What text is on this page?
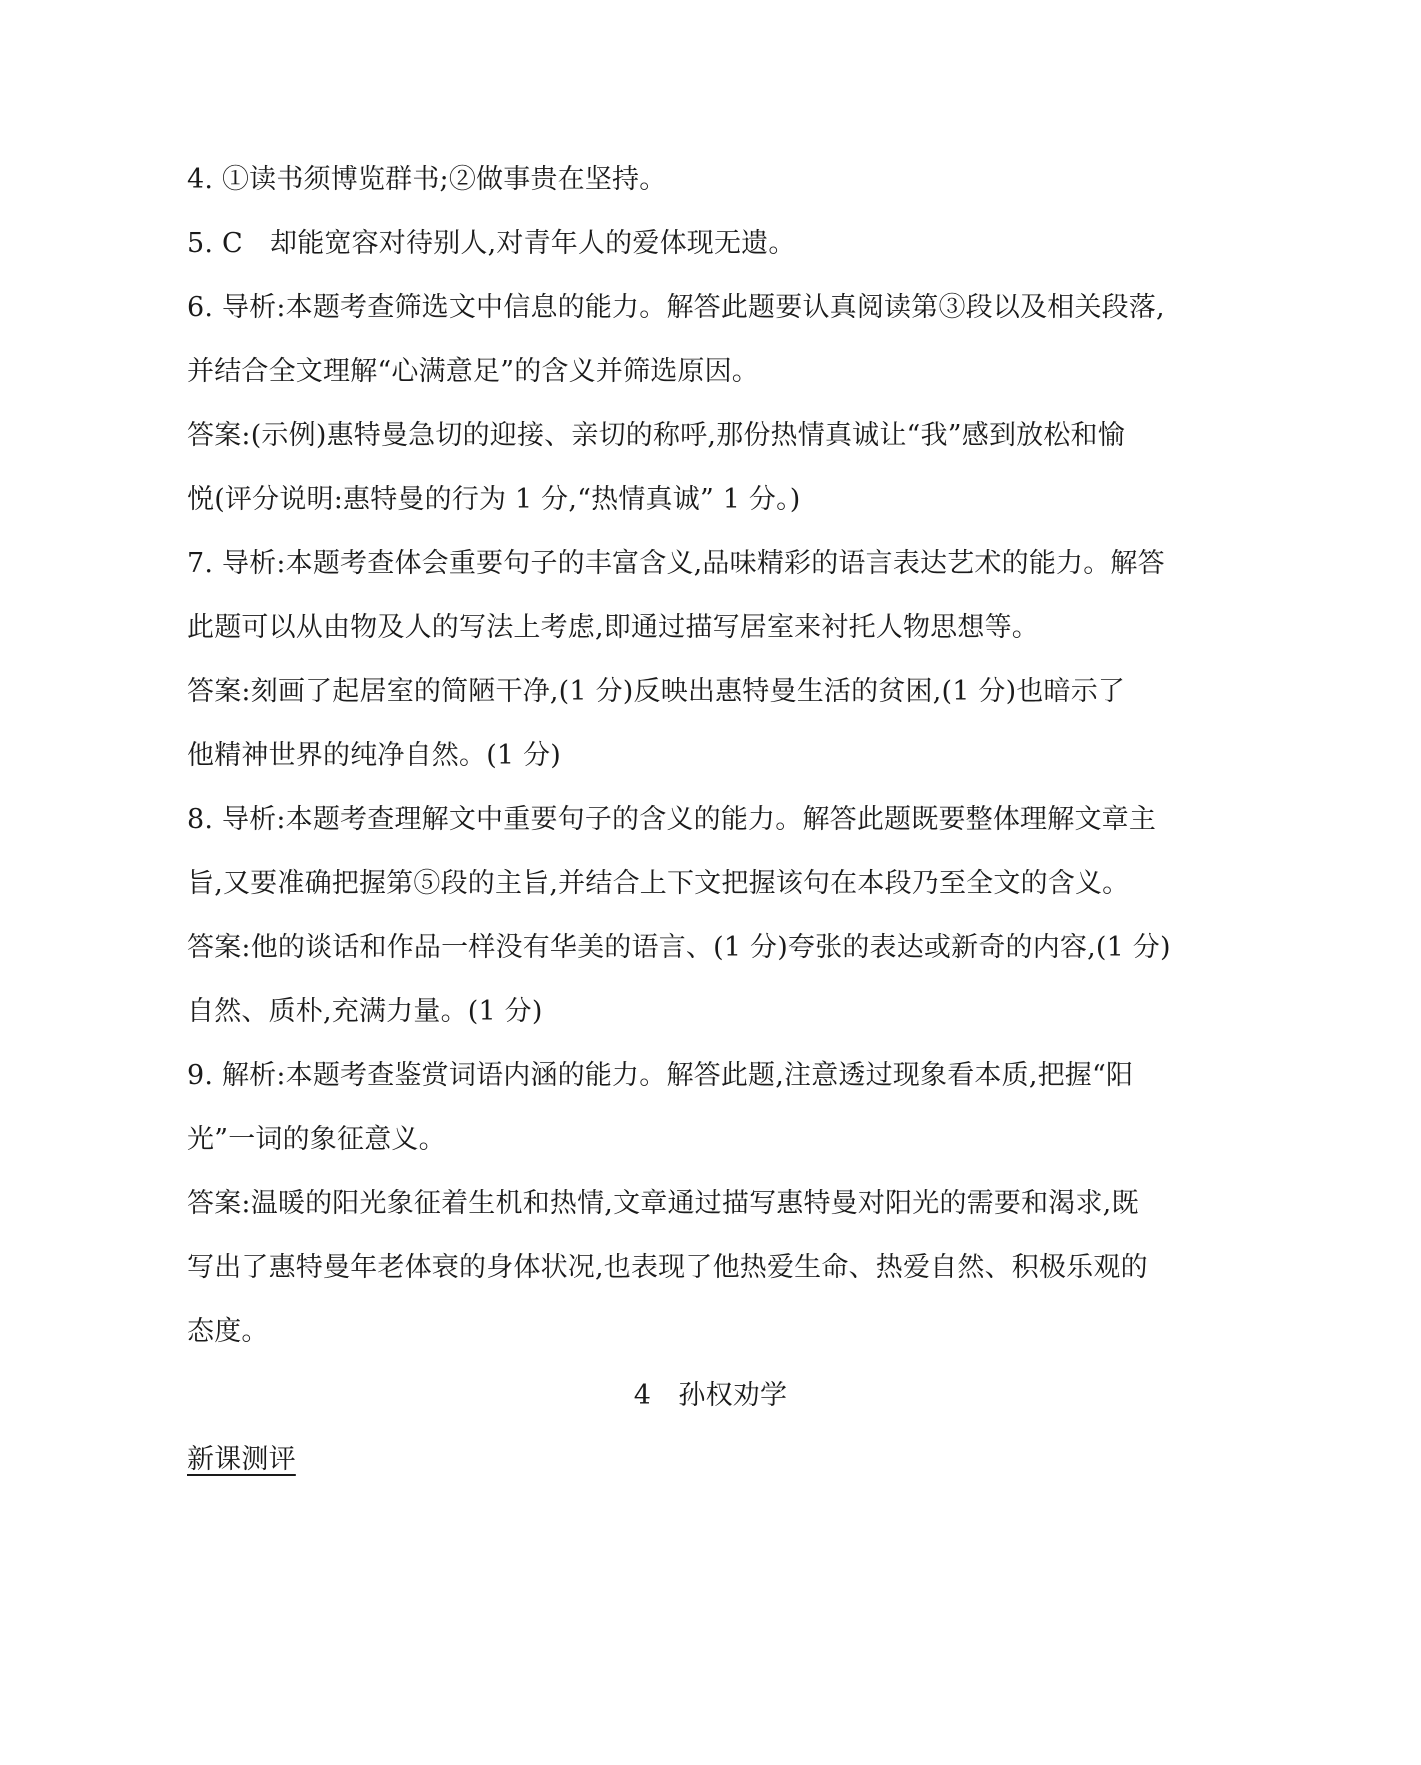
4. ①读书须博览群书;②做事贵在坚持。
5. C　却能宽容对待别人,对青年人的爱体现无遗。
6. 导析:本题考查筛选文中信息的能力。解答此题要认真阅读第③段以及相关段落,
并结合全文理解“心满意足”的含义并筛选原因。
答案:(示例)惠特曼急切的迎接、亲切的称呼,那份热情真诚让“我”感到放松和愉
悦(评分说明:惠特曼的行为 1 分,“热情真诚” 1 分。)
7. 导析:本题考查体会重要句子的丰富含义,品味精彩的语言表达艺术的能力。解答
此题可以从由物及人的写法上考虑,即通过描写居室来衬托人物思想等。
答案:刻画了起居室的简陋干净,(1 分)反映出惠特曼生活的贫困,(1 分)也暗示了
他精神世界的纯净自然。(1 分)
8. 导析:本题考查理解文中重要句子的含义的能力。解答此题既要整体理解文章主
旨,又要准确把握第⑤段的主旨,并结合上下文把握该句在本段乃至全文的含义。
答案:他的谈话和作品一样没有华美的语言、(1 分)夸张的表达或新奇的内容,(1 分)
自然、质朴,充满力量。(1 分)
9. 解析:本题考查鉴赏词语内涵的能力。解答此题,注意透过现象看本质,把握“阳
光”一词的象征意义。
答案:温暖的阳光象征着生机和热情,文章通过描写惠特曼对阳光的需要和渴求,既
写出了惠特曼年老体衰的身体状况,也表现了他热爱生命、热爱自然、积极乐观的
态度。
4　孙权劝学
新课测评
